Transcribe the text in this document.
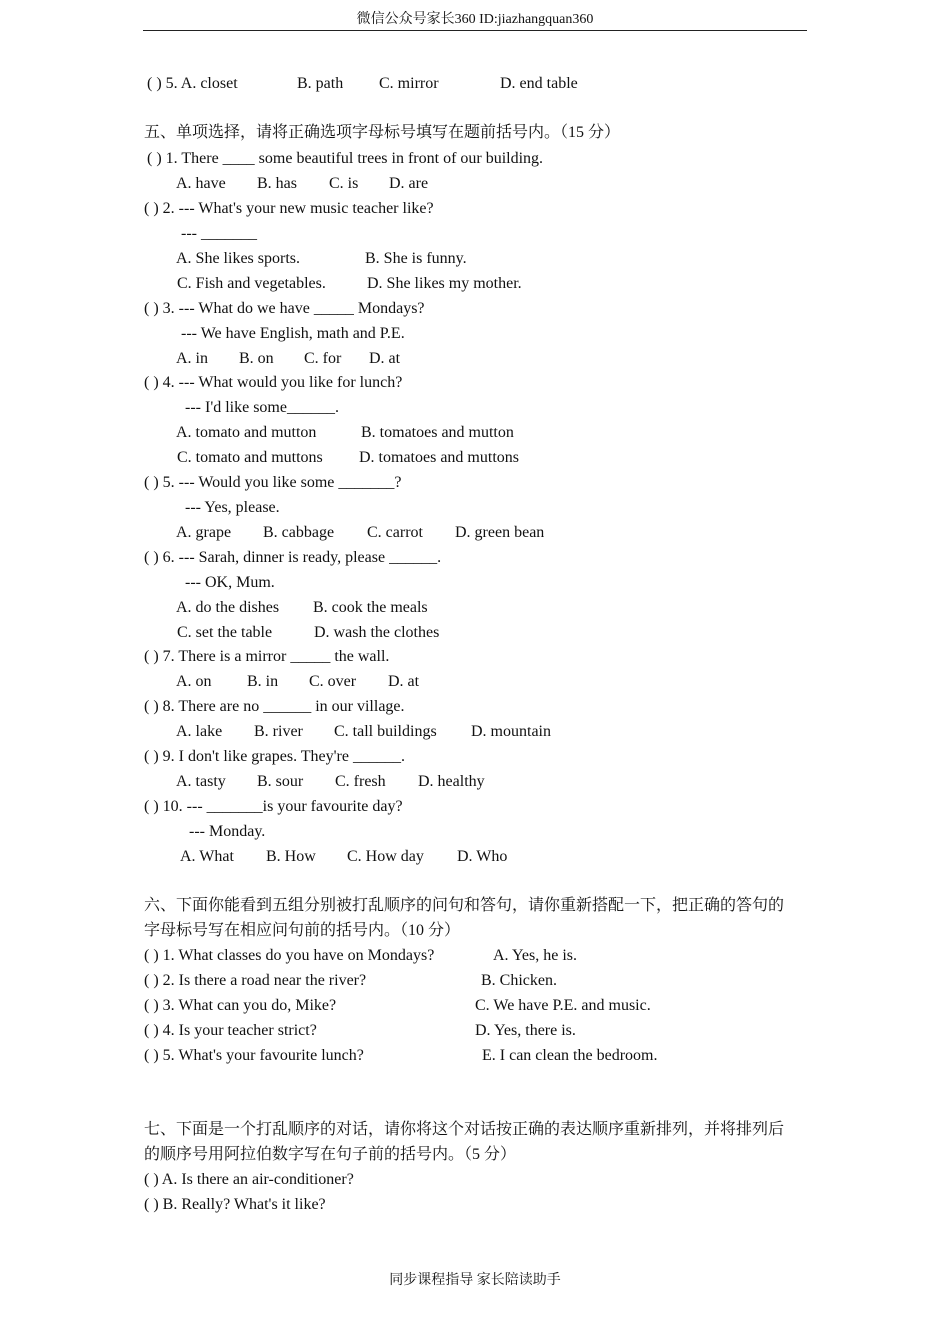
微信公众号家长360 ID:jiazhangquan360
( ) 5. A. closet	B. path C. mirror	D. end table
五、单项选择，请将正确选项字母标号填写在题前括号内。（15 分）
( ) 1. There ____ some beautiful trees in front of our building.
A. have B. has C. is D. are
( ) 2. --- What's your new music teacher like?
--- _______
A. She likes sports.	B. She is funny.
C. Fish and vegetables.	D. She likes my mother.
( ) 3. --- What do we have _____ Mondays?
--- We have English, math and P.E.
A. in B. on C. for D. at
( ) 4. --- What would you like for lunch?
--- I'd like some______.
A. tomato and mutton	B. tomatoes and mutton
C. tomato and muttons D. tomatoes and muttons
( ) 5. --- Would you like some _______?
--- Yes, please.
A. grape B. cabbage C. carrot D. green bean
( ) 6. --- Sarah, dinner is ready, please ______.
--- OK, Mum.
A. do the dishes B. cook the meals
C. set the table	D. wash the clothes
( ) 7. There is a mirror _____ the wall.
A. on B. in C. over D. at
( ) 8. There are no ______ in our village.
A. lake B. river C. tall buildings D. mountain
( ) 9. I don't like grapes. They're ______.
A. tasty B. sour C. fresh D. healthy
( ) 10. --- _______is your favourite day?
--- Monday.
A. What B. How C. How day D. Who
六、下面你能看到五组分别被打乱顺序的问句和答句，请你重新搭配一下，把正确的答句的
字母标号写在相应问句前的括号内。（10 分）
( ) 1. What classes do you have on Mondays?	A. Yes, he is.
( ) 2. Is there a road near the river?	B. Chicken.
( ) 3. What can you do, Mike?	C. We have P.E. and music.
( ) 4. Is your teacher strict?	D. Yes, there is.
( ) 5. What's your favourite lunch?	E. I can clean the bedroom.
七、下面是一个打乱顺序的对话，请你将这个对话按正确的表达顺序重新排列，并将排列后
的顺序号用阿拉伯数字写在句子前的括号内。（5 分）
( ) A. Is there an air-conditioner?
( ) B. Really? What's it like?
同步课程指导 家长陪读助手
